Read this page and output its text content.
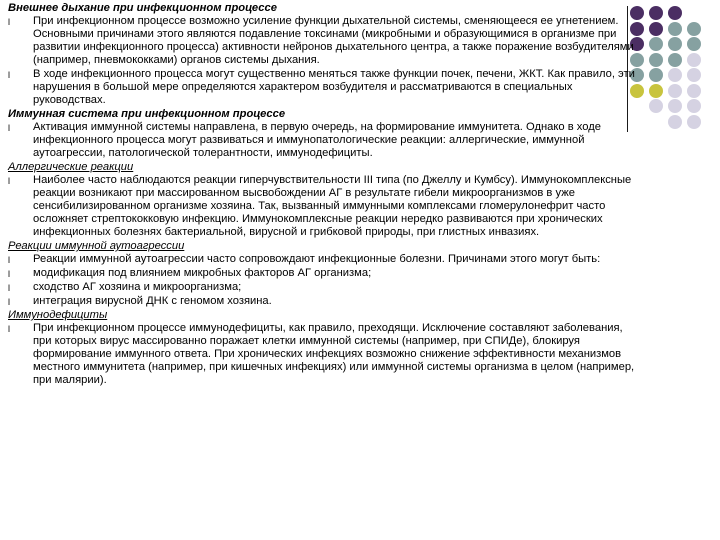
Внешнее дыхание при инфекционном процессе
l При инфекционном процессе возможно усиление функции дыхательной системы, сменяющееся ее угнетением. Основными причинами этого являются подавление токсинами (микробными и образующимися в организме при развитии инфекционного процесса) активности нейронов дыхательного центра, а также поражение возбудителями (например, пневмококками) органов системы дыхания.
l В ходе инфекционного процесса могут существенно меняться также функции почек, печени, ЖКТ. Как правило, эти нарушения в большой мере определяются характером возбудителя и рассматриваются в специальных руководствах.
Иммунная система при инфекционном процессе
l Активация иммунной системы направлена, в первую очередь, на формирование иммунитета. Однако в ходе инфекционного процесса могут развиваться и иммунопатологические реакции: аллергические, иммунной аутоагрессии, патологической толерантности, иммунодефициты.
Аллергические реакции
l Наиболее часто наблюдаются реакции гиперчувствительности III типа (по Джеллу и Кумбсу). Иммунокомплексные реакции возникают при массированном высвобождении АГ в результате гибели микроорганизмов в уже сенсибилизированном организме хозяина. Так, вызванный иммунными комплексами гломерулонефрит часто осложняет стрептококковую инфекцию. Иммунокомплексные реакции нередко развиваются при хронических инфекционных болезнях бактериальной, вирусной и грибковой природы, при глистных инвазиях.
Реакции иммунной аутоагрессии
l Реакции иммунной аутоагрессии часто сопровождают инфекционные болезни. Причинами этого могут быть:
l модификация под влиянием микробных факторов АГ организма;
l сходство АГ хозяина и микроорганизма;
l интеграция вирусной ДНК с геномом хозяина.
Иммунодефициты
l При инфекционном процессе иммунодефициты, как правило, преходящи. Исключение составляют заболевания, при которых вирус массированно поражает клетки иммунной системы (например, при СПИДе), блокируя формирование иммунного ответа. При хронических инфекциях возможно снижение эффективности механизмов местного иммунитета (например, при кишечных инфекциях) или иммунной системы организма в целом (например, при малярии).
